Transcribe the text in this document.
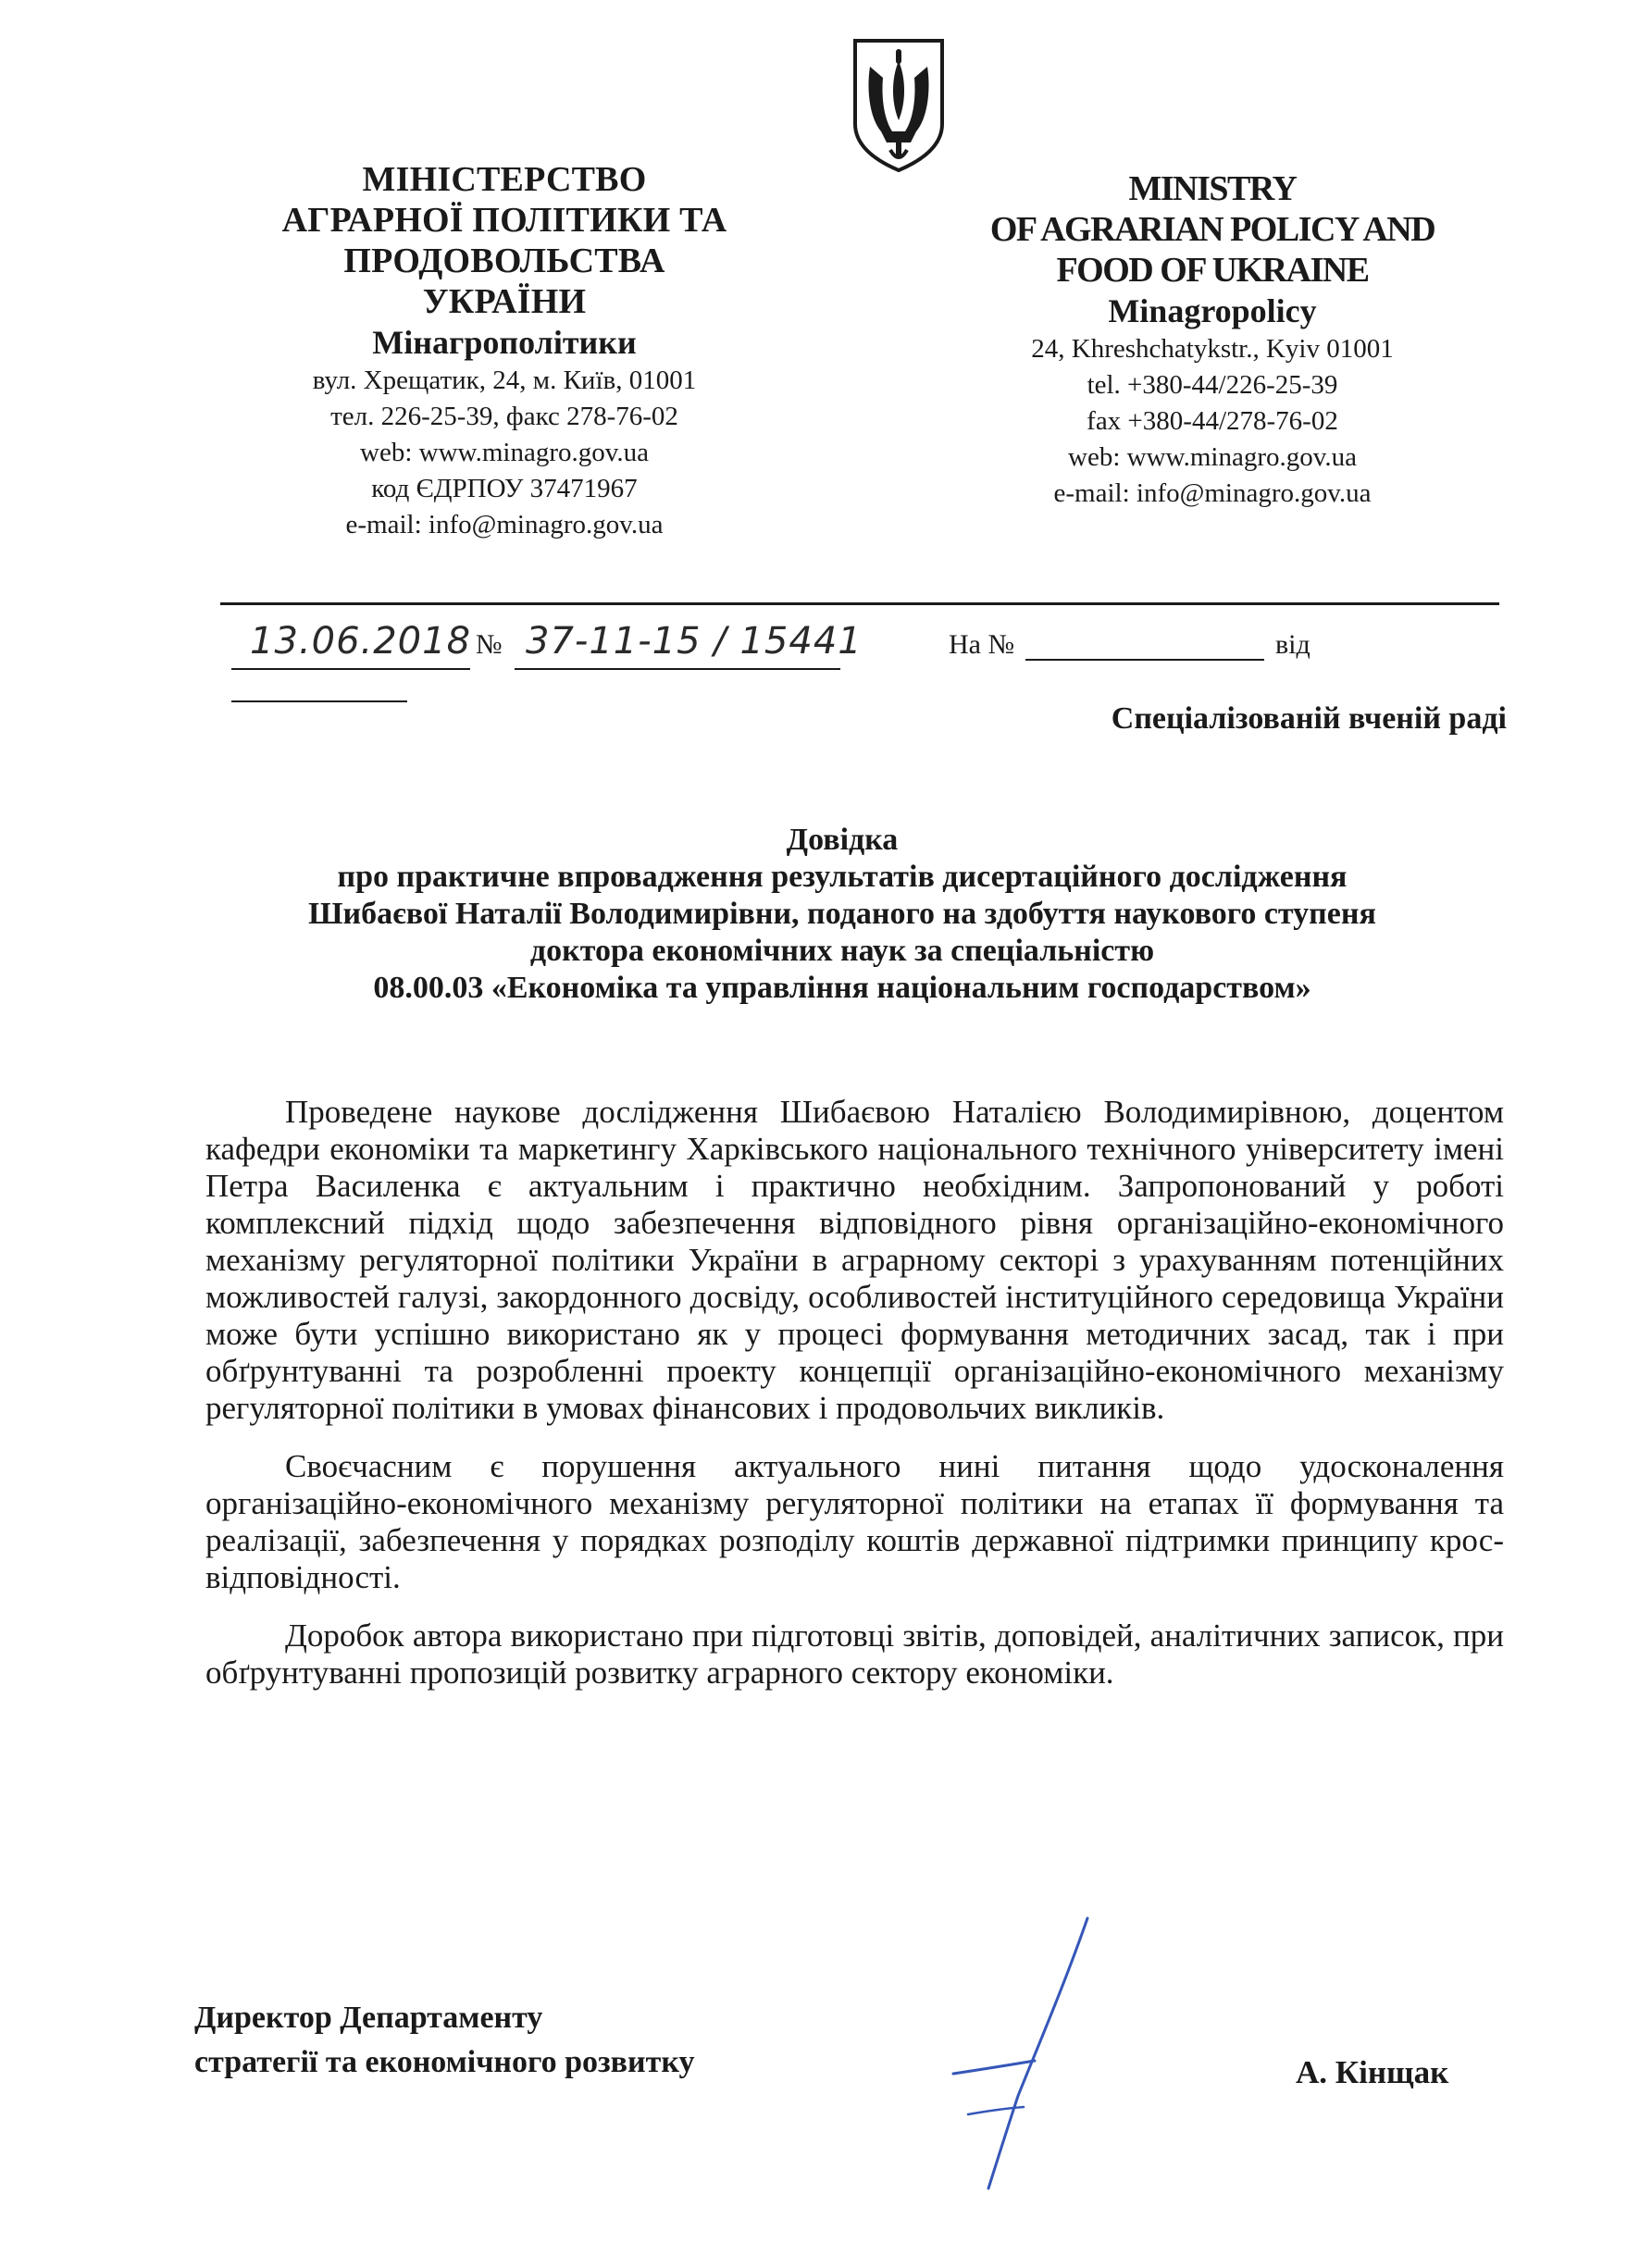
МІНІСТЕРСТВО
АГРАРНОЇ ПОЛІТИКИ ТА
ПРОДОВОЛЬСТВА
УКРАЇНИ

Мінагрополітики

вул. Хрещатик, 24, м. Київ, 01001

тел. 226-25-39, факс 278-76-02

web: www.minagro.gov.ua

код ЄДРПОУ 37471967

e-mail: info@minagro.gov.ua

MINISTRY
OF AGRARIAN POLICY AND
FOOD OF UKRAINE

Minagropolicy

24, Khreshchatykstr., Kyiv 01001

tel. +380-44/226-25-39

fax +380-44/278-76-02

web: www.minagro.gov.ua

e-mail: info@minagro.gov.ua

13.06.2018 № 37-11-15 / 15441	На №	від
Спеціалізованій вченій раді

Довідка

про практичне впровадження результатів дисертаційного дослідження

Шибаєвої Наталії Володимирівни, поданого на здобуття наукового ступеня

доктора економічних наук за спеціальністю

08.00.03 «Економіка та управління національним господарством»

Проведене наукове дослідження Шибаєвою Наталією Володимирівною, доцентом кафедри економіки та маркетингу Харківського національного технічного університету імені Петра Василенка є актуальним і практично необхідним. Запропонований у роботі комплексний підхід щодо забезпечення відповідного рівня організаційно-економічного механізму регуляторної політики України в аграрному секторі з урахуванням потенційних можливостей галузі, закордонного досвіду, особливостей інституційного середовища України може бути успішно використано як у процесі формування методичних засад, так і при обґрунтуванні та розробленні проекту концепції організаційно-економічного механізму регуляторної політики в умовах фінансових і продовольчих викликів.

Своєчасним є порушення актуального нині питання щодо удосконалення організаційно-економічного механізму регуляторної політики на етапах її формування та реалізації, забезпечення у порядках розподілу коштів державної підтримки принципу крос-відповідності.

Доробок автора використано при підготовці звітів, доповідей, аналітичних записок, при обґрунтуванні пропозицій розвитку аграрного сектору економіки.

Директор Департаменту

стратегії та економічного розвитку	А. Кінщак
